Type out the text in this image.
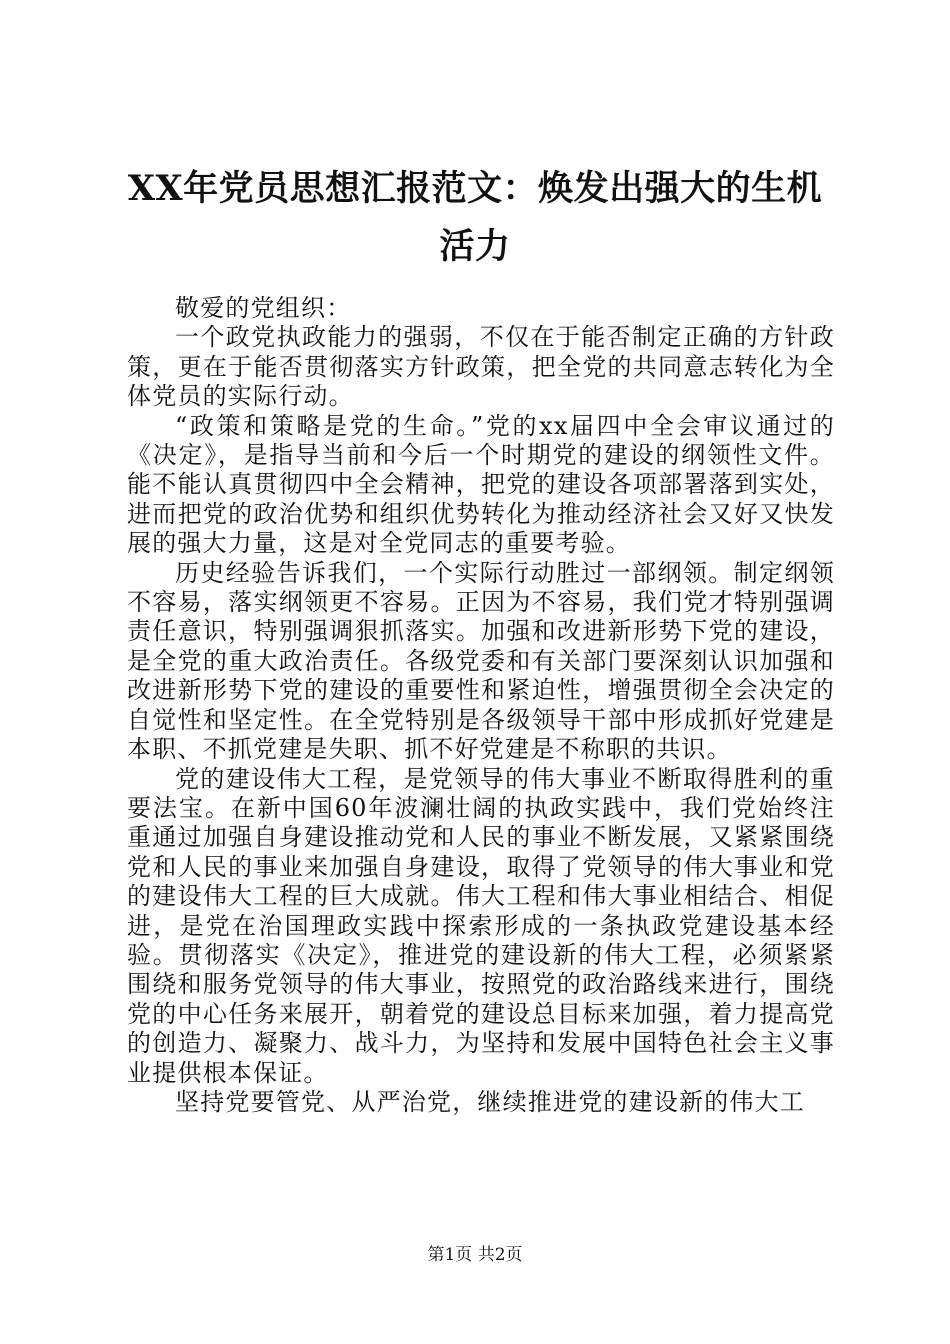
XX年党员思想汇报范文：焕发出强大的生机活力

敬爱的党组织：

一个政党执政能力的强弱，不仅在于能否制定正确的方针政策，更在于能否贯彻落实方针政策，把全党的共同意志转化为全体党员的实际行动。

“政策和策略是党的生命。”党的xx届四中全会审议通过的《决定》，是指导当前和今后一个时期党的建设的纲领性文件。能不能认真贯彻四中全会精神，把党的建设各项部署落到实处，进而把党的政治优势和组织优势转化为推动经济社会又好又快发展的强大力量，这是对全党同志的重要考验。

历史经验告诉我们，一个实际行动胜过一部纲领。制定纲领不容易，落实纲领更不容易。正因为不容易，我们党才特别强调责任意识，特别强调狠抓落实。加强和改进新形势下党的建设，是全党的重大政治责任。各级党委和有关部门要深刻认识加强和改进新形势下党的建设的重要性和紧迫性，增强贯彻全会决定的自觉性和坚定性。在全党特别是各级领导干部中形成抓好党建是本职、不抓党建是失职、抓不好党建是不称职的共识。

党的建设伟大工程，是党领导的伟大事业不断取得胜利的重要法宝。在新中国60年波澜壮阔的执政实践中，我们党始终注重通过加强自身建设推动党和人民的事业不断发展，又紧紧围绕党和人民的事业来加强自身建设，取得了党领导的伟大事业和党的建设伟大工程的巨大成就。伟大工程和伟大事业相结合、相促进，是党在治国理政实践中探索形成的一条执政党建设基本经验。贯彻落实《决定》，推进党的建设新的伟大工程，必须紧紧围绕和服务党领导的伟大事业，按照党的政治路线来进行，围绕党的中心任务来展开，朝着党的建设总目标来加强，着力提高党的创造力、凝聚力、战斗力，为坚持和发展中国特色社会主义事业提供根本保证。

坚持党要管党、从严治党，继续推进党的建设新的伟大工

第1页 共2页
